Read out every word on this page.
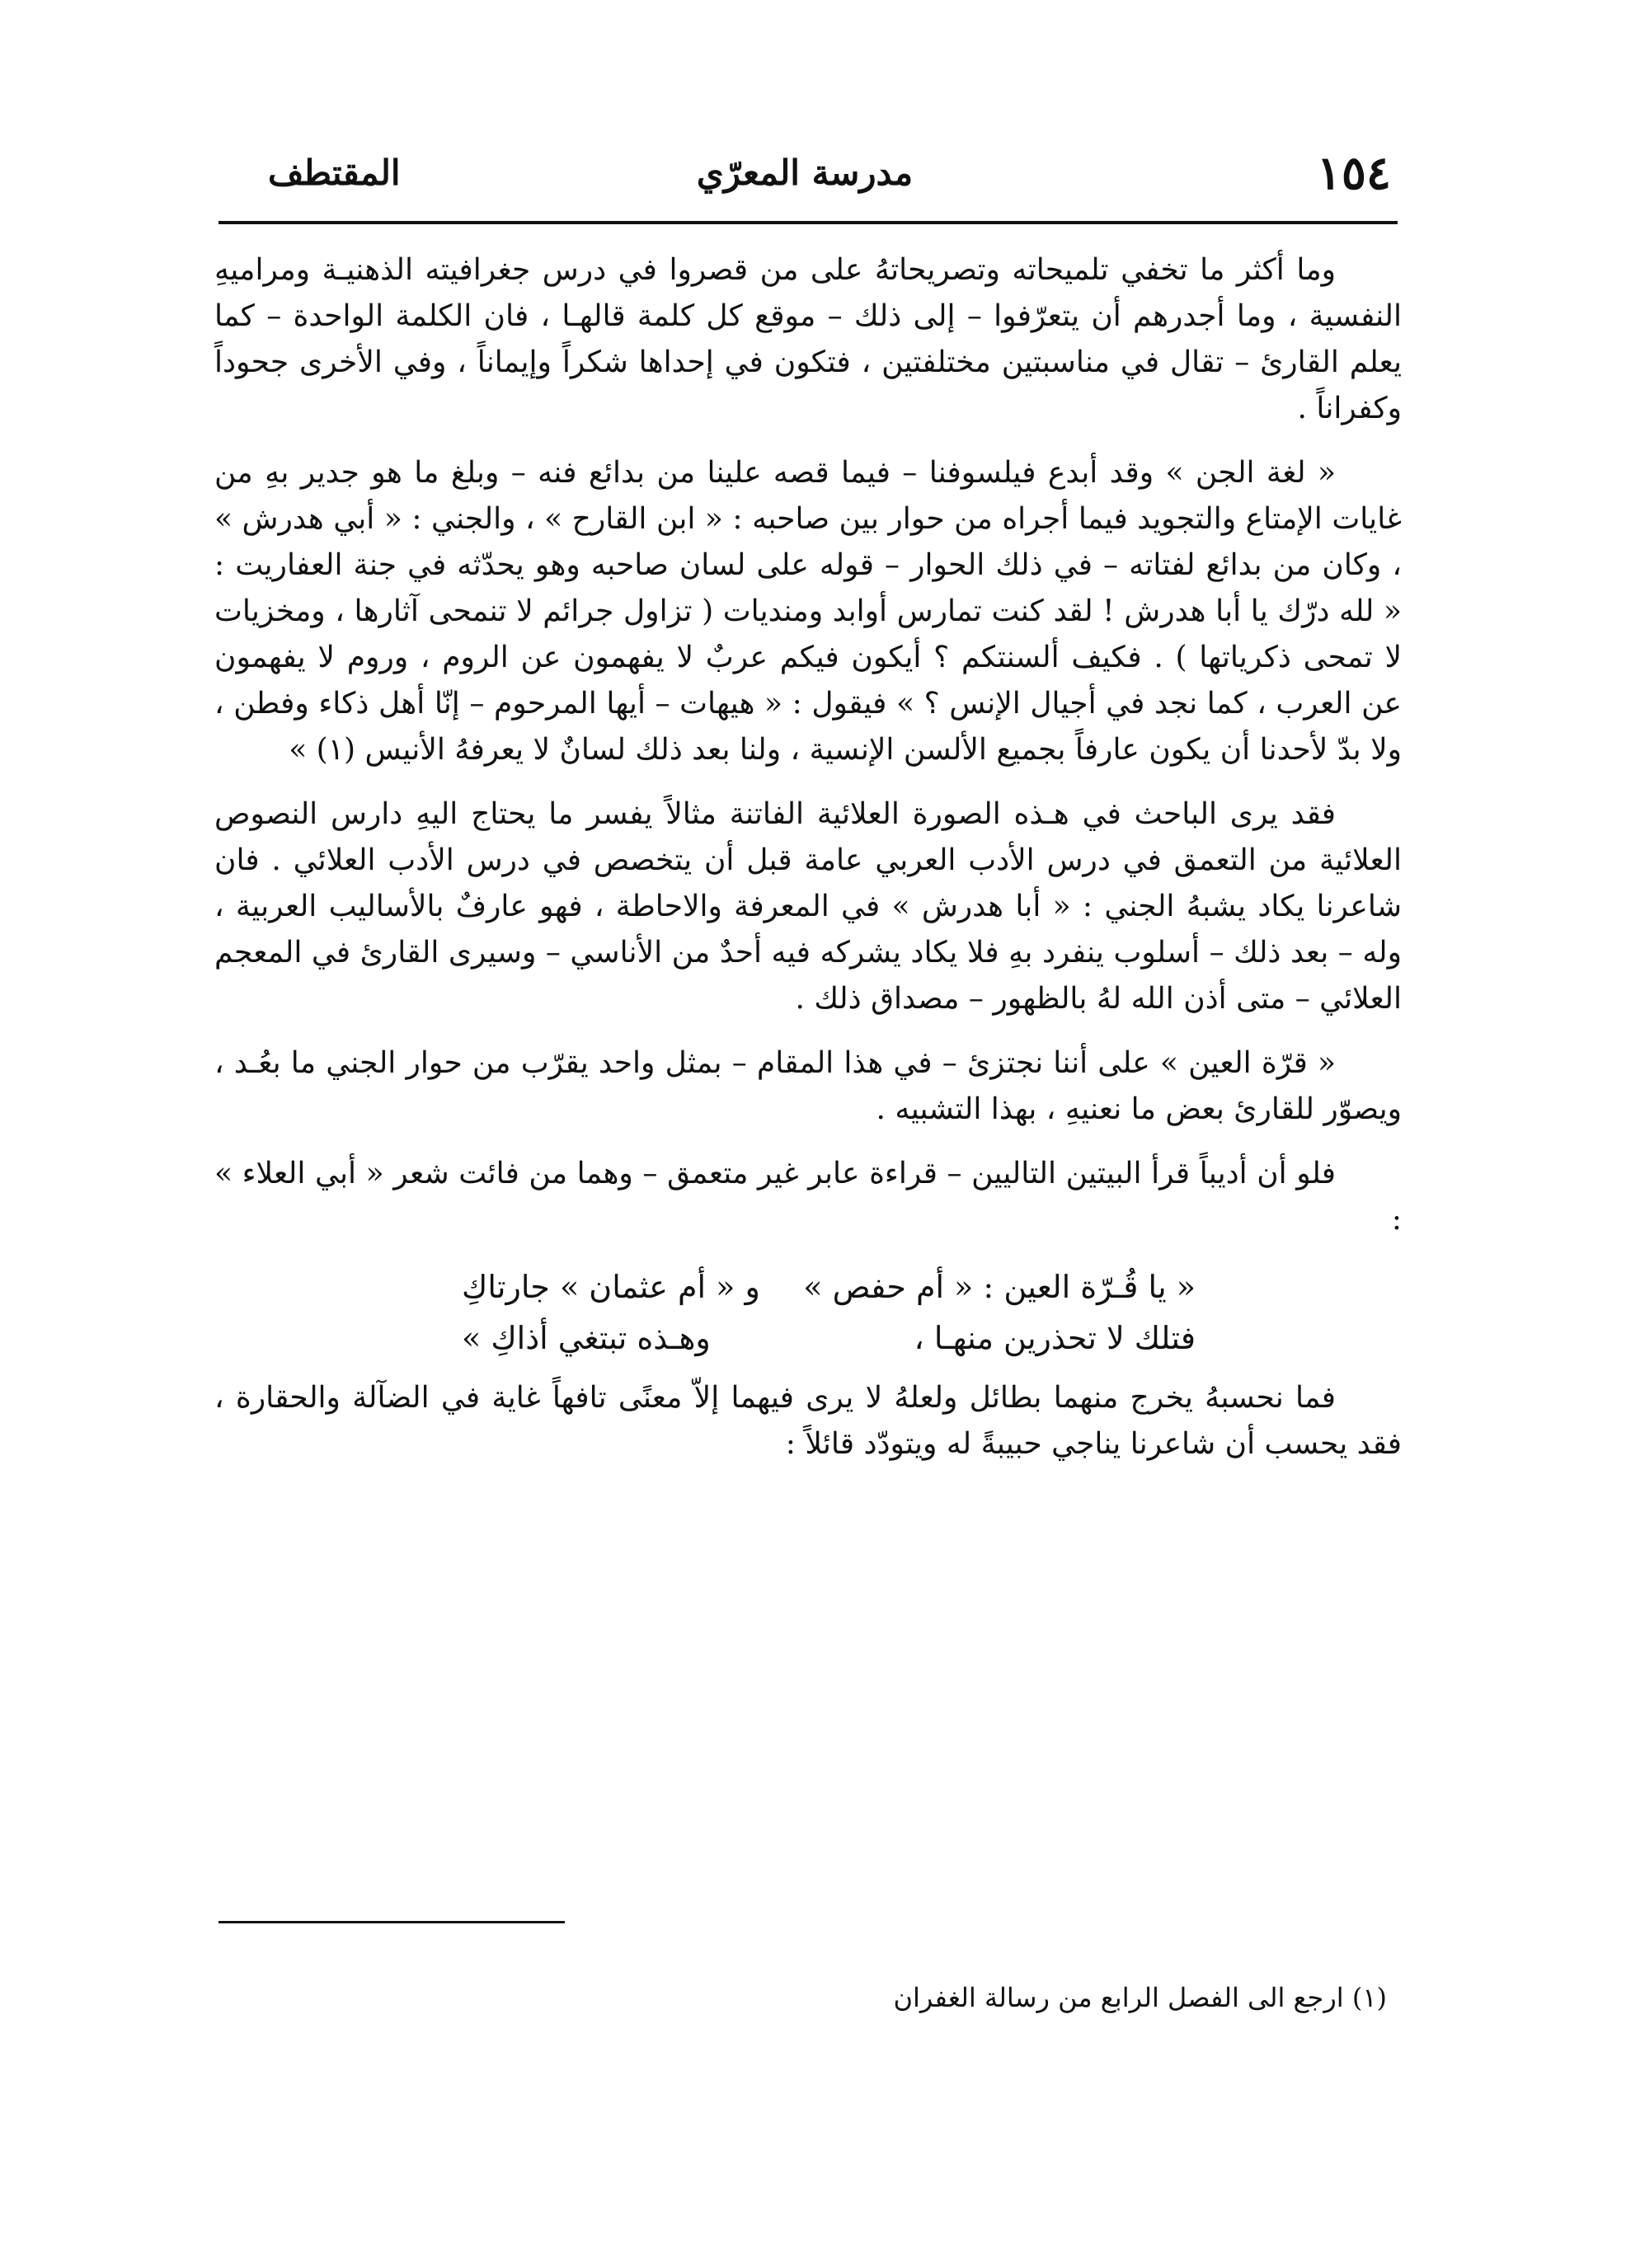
١٥٤
مدرسة المعرّي
المقتطف

وما أكثر ما تخفي تلميحاته وتصريحاتهُ على من قصروا في درس جغرافيته الذهنيـة ومراميهِ النفسية ، وما أجدرهم أن يتعرّفوا – إلى ذلك – موقع كل كلمة قالهـا ، فان الكلمة الواحدة – كما يعلم القارئ – تقال في مناسبتين مختلفتين ، فتكون في إحداها شكراً وإيماناً ، وفي الأخرى جحوداً وكفراناً .

« لغة الجن » وقد أبدع فيلسوفنا – فيما قصه علينا من بدائع فنه – وبلغ ما هو جدير بهِ من غايات الإمتاع والتجويد فيما أجراه من حوار بين صاحبه : « ابن القارح » ، والجني : « أبي هدرش » ، وكان من بدائع لفتاته – في ذلك الحوار – قوله على لسان صاحبه وهو يحدّثه في جنة العفاريت : « لله درّك يا أبا هدرش ! لقد كنت تمارس أوابد ومنديات ( تزاول جرائم لا تنمحى آثارها ، ومخزيات لا تمحى ذكرياتها ) . فكيف ألسنتكم ؟ أيكون فيكم عربٌ لا يفهمون عن الروم ، وروم لا يفهمون عن العرب ، كما نجد في أجيال الإنس ؟ » فيقول : « هيهات – أيها المرحوم – إنّا أهل ذكاء وفطن ، ولا بدّ لأحدنا أن يكون عارفاً بجميع الألسن الإنسية ، ولنا بعد ذلك لسانٌ لا يعرفهُ الأنيس (١) »

فقد يرى الباحث في هـذه الصورة العلائية الفاتنة مثالاً يفسر ما يحتاج اليهِ دارس النصوص العلائية من التعمق في درس الأدب العربي عامة قبل أن يتخصص في درس الأدب العلائي . فان شاعرنا يكاد يشبهُ الجني : « أبا هدرش » في المعرفة والاحاطة ، فهو عارفٌ بالأساليب العربية ، وله – بعد ذلك – أسلوب ينفرد بهِ فلا يكاد يشركه فيه أحدٌ من الأناسي – وسيرى القارئ في المعجم العلائي – متى أذن الله لهُ بالظهور – مصداق ذلك .

« قرّة العين » على أننا نجتزئ – في هذا المقام – بمثل واحد يقرّب من حوار الجني ما بعُـد ، ويصوّر للقارئ بعض ما نعنيهِ ، بهذا التشبيه .

فلو أن أديباً قرأ البيتين التاليين – قراءة عابر غير متعمق – وهما من فائت شعر « أبي العلاء » :

« يا قُـرّة العين : « أم حفص »
و « أم عثمان » جارتاكِ
فتلك لا تحذرين منهـا ،
وهـذه تبتغي أذاكِ »

فما نحسبهُ يخرج منهما بطائل ولعلهُ لا يرى فيهما إلاّ معنًى تافهاً غاية في الضآلة والحقارة ، فقد يحسب أن شاعرنا يناجي حبيبةً له ويتودّد قائلاً :

(١) ارجع الى الفصل الرابع من رسالة الغفران
